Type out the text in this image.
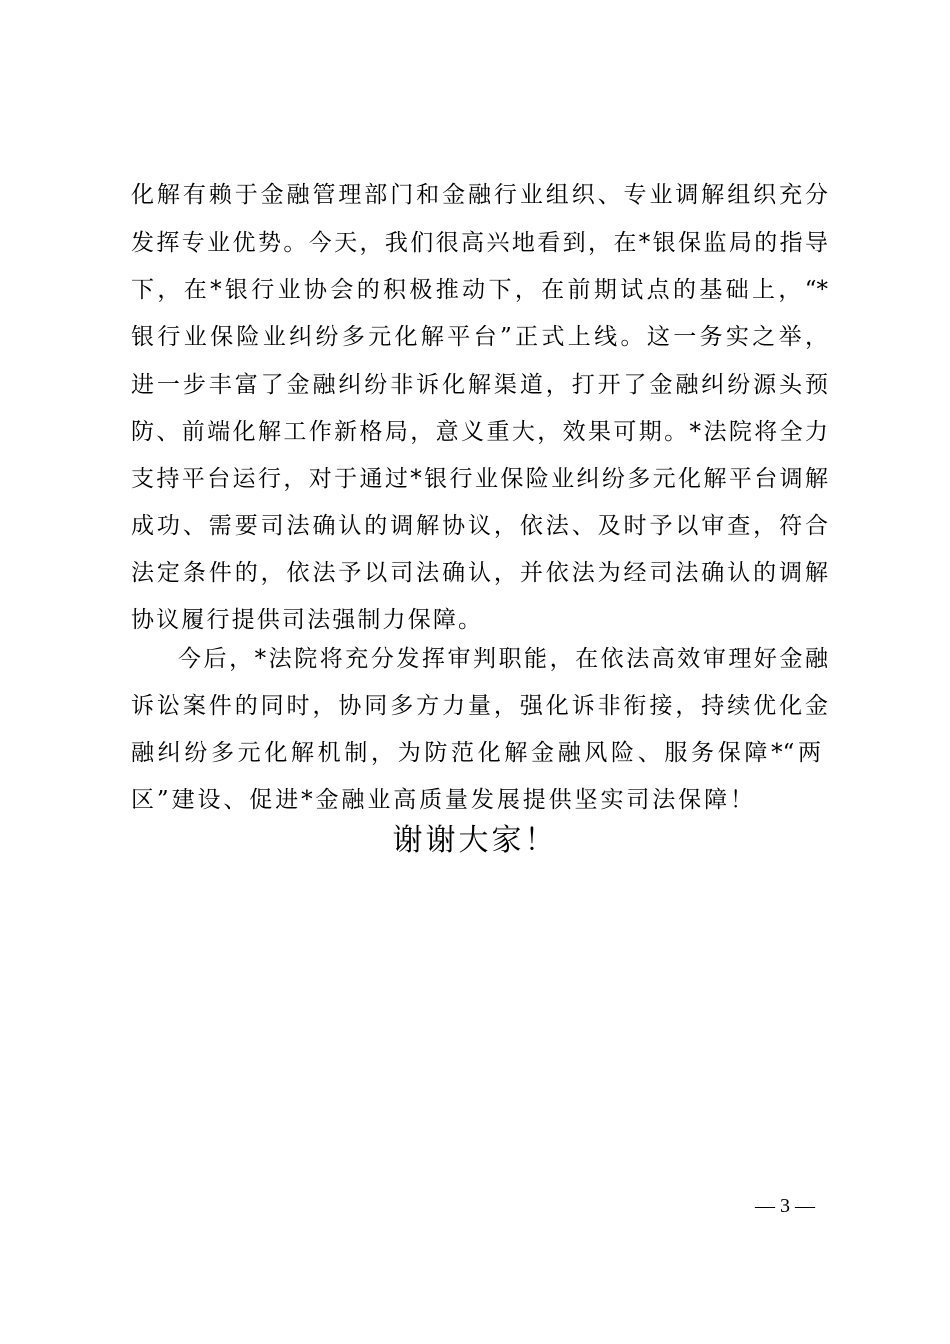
化解有赖于金融管理部门和金融行业组织、专业调解组织充分
发挥专业优势。今天，我们很高兴地看到，在*银保监局的指导
下，在*银行业协会的积极推动下，在前期试点的基础上，“*
银行业保险业纠纷多元化解平台”正式上线。这一务实之举，
进一步丰富了金融纠纷非诉化解渠道，打开了金融纠纷源头预
防、前端化解工作新格局，意义重大，效果可期。*法院将全力
支持平台运行，对于通过*银行业保险业纠纷多元化解平台调解
成功、需要司法确认的调解协议，依法、及时予以审查，符合
法定条件的，依法予以司法确认，并依法为经司法确认的调解
协议履行提供司法强制力保障。
今后，*法院将充分发挥审判职能，在依法高效审理好金融
诉讼案件的同时，协同多方力量，强化诉非衔接，持续优化金
融纠纷多元化解机制，为防范化解金融风险、服务保障*“两
区”建设、促进*金融业高质量发展提供坚实司法保障！
谢谢大家！
— 3 —
